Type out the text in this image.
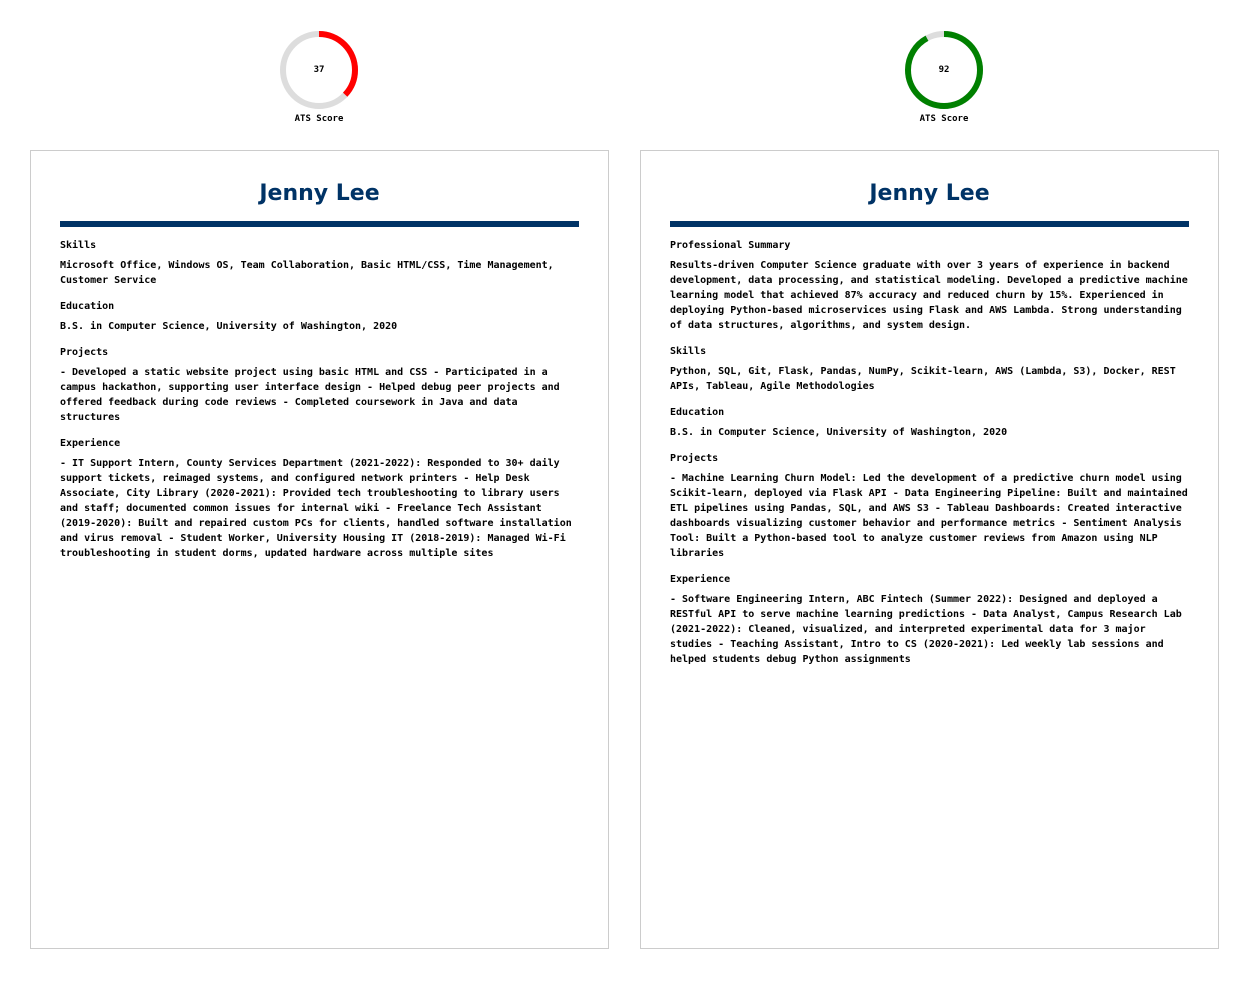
37
ATS Score
92
ATS Score
Jenny Lee
Skills
Microsoft Office, Windows OS, Team Collaboration, Basic HTML/CSS, Time Management, Customer Service
Education
B.S. in Computer Science, University of Washington, 2020
Projects
- Developed a static website project using basic HTML and CSS - Participated in a campus hackathon, supporting user interface design - Helped debug peer projects and offered feedback during code reviews - Completed coursework in Java and data structures
Experience
- IT Support Intern, County Services Department (2021-2022): Responded to 30+ daily support tickets, reimaged systems, and configured network printers - Help Desk Associate, City Library (2020-2021): Provided tech troubleshooting to library users and staff; documented common issues for internal wiki - Freelance Tech Assistant (2019-2020): Built and repaired custom PCs for clients, handled software installation and virus removal - Student Worker, University Housing IT (2018-2019): Managed Wi-Fi troubleshooting in student dorms, updated hardware across multiple sites
Jenny Lee
Professional Summary
Results-driven Computer Science graduate with over 3 years of experience in backend development, data processing, and statistical modeling. Developed a predictive machine learning model that achieved 87% accuracy and reduced churn by 15%. Experienced in deploying Python-based microservices using Flask and AWS Lambda. Strong understanding of data structures, algorithms, and system design.
Skills
Python, SQL, Git, Flask, Pandas, NumPy, Scikit-learn, AWS (Lambda, S3), Docker, REST APIs, Tableau, Agile Methodologies
Education
B.S. in Computer Science, University of Washington, 2020
Projects
- Machine Learning Churn Model: Led the development of a predictive churn model using Scikit-learn, deployed via Flask API - Data Engineering Pipeline: Built and maintained ETL pipelines using Pandas, SQL, and AWS S3 - Tableau Dashboards: Created interactive dashboards visualizing customer behavior and performance metrics - Sentiment Analysis Tool: Built a Python-based tool to analyze customer reviews from Amazon using NLP libraries
Experience
- Software Engineering Intern, ABC Fintech (Summer 2022): Designed and deployed a RESTful API to serve machine learning predictions - Data Analyst, Campus Research Lab (2021-2022): Cleaned, visualized, and interpreted experimental data for 3 major studies - Teaching Assistant, Intro to CS (2020-2021): Led weekly lab sessions and helped students debug Python assignments
